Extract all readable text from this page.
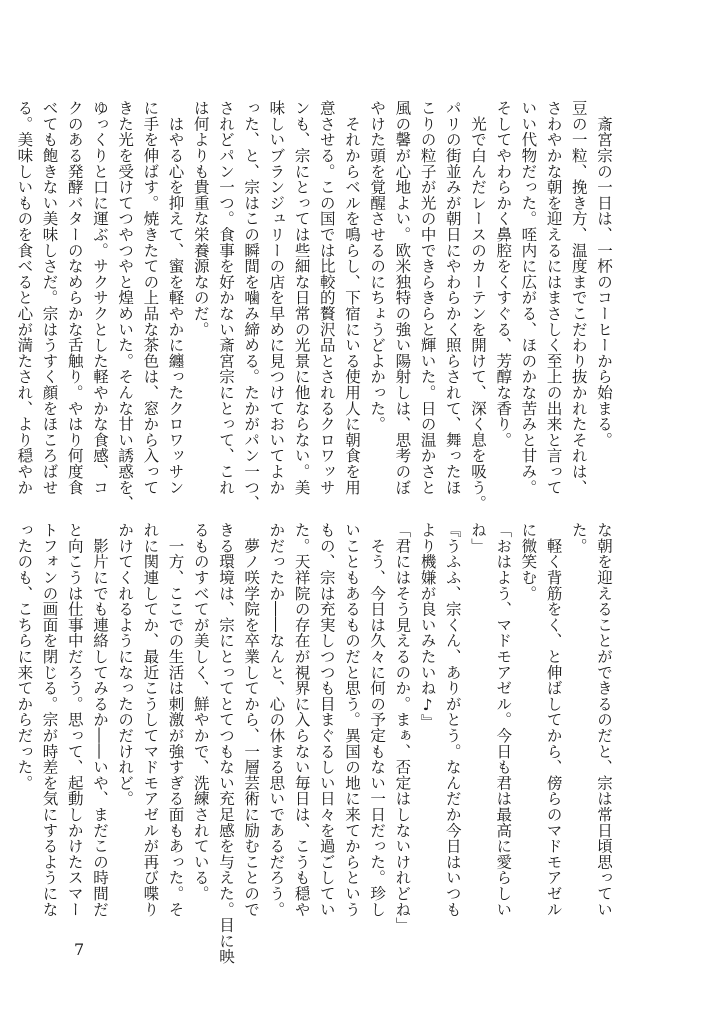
　斎宮宗の一日は、一杯のコーヒーから始まる。
豆の一粒、挽き方、温度までこだわり抜かれたそれは、
さわやかな朝を迎えるにはまさしく至上の出来と言って
いい代物だった。咥内に広がる、ほのかな苦みと甘み。
そしてやわらかく鼻腔をくすぐる、芳醇な香り。
　光で白んだレースのカーテンを開けて、深く息を吸う。
パリの街並みが朝日にやわらかく照らされて、舞ったほ
こりの粒子が光の中できらきらと輝いた。日の温かさと
風の馨が心地よい。欧米独特の強い陽射しは、思考のぼ
やけた頭を覚醒させるのにちょうどよかった。
　それからベルを鳴らし、下宿にいる使用人に朝食を用
意させる。この国では比較的贅沢品とされるクロワッサ
ンも、宗にとっては些細な日常の光景に他ならない。美
味しいブランジュリーの店を早めに見つけておいてよか
った、と、宗はこの瞬間を噛み締める。たかがパン一つ、
されどパン一つ。食事を好かない斎宮宗にとって、これ
は何よりも貴重な栄養源なのだ。
　はやる心を抑えて、蜜を軽やかに纏ったクロワッサン
に手を伸ばす。焼きたての上品な茶色は、窓から入って
きた光を受けてつやつやと煌めいた。そんな甘い誘惑を、
ゆっくりと口に運ぶ。サクサクとした軽やかな食感、コ
クのある発酵バターのなめらかな舌触り。やはり何度食
べても飽きない美味しさだ。宗はうすく顔をほころばせ
る。美味しいものを食べると心が満たされ、より穏やか
な朝を迎えることができるのだと、宗は常日頃思ってい
た。
　軽く背筋をく、と伸ばしてから、傍らのマドモアゼル
に微笑む。
「おはよう、マドモアゼル。今日も君は最高に愛らしい
ね」
『うふふ、宗くん、ありがとう。なんだか今日はいつも
より機嫌が良いみたいね♪』
「君にはそう見えるのか。まぁ、否定はしないけれどね」
　そう、今日は久々に何の予定もない一日だった。珍し
いこともあるものだと思う。異国の地に来てからという
もの、宗は充実しつつも目まぐるしい日々を過ごしてい
た。天祥院の存在が視界に入らない毎日は、こうも穏や
かだったか――なんと、心の休まる思いであるだろう。
　夢ノ咲学院を卒業してから、一層芸術に励むことので
きる環境は、宗にとってとてつもない充足感を与えた。目に映
るものすべてが美しく、鮮やかで、洗練されている。
　一方、ここでの生活は刺激が強すぎる面もあった。そ
れに関連してか、最近こうしてマドモアゼルが再び喋り
かけてくれるようになったのだけれど。
　影片にでも連絡してみるか――いや、まだこの時間だ
と向こうは仕事中だろう。思って、起動しかけたスマー
トフォンの画面を閉じる。宗が時差を気にするようにな
ったのも、こちらに来てからだった。
7
